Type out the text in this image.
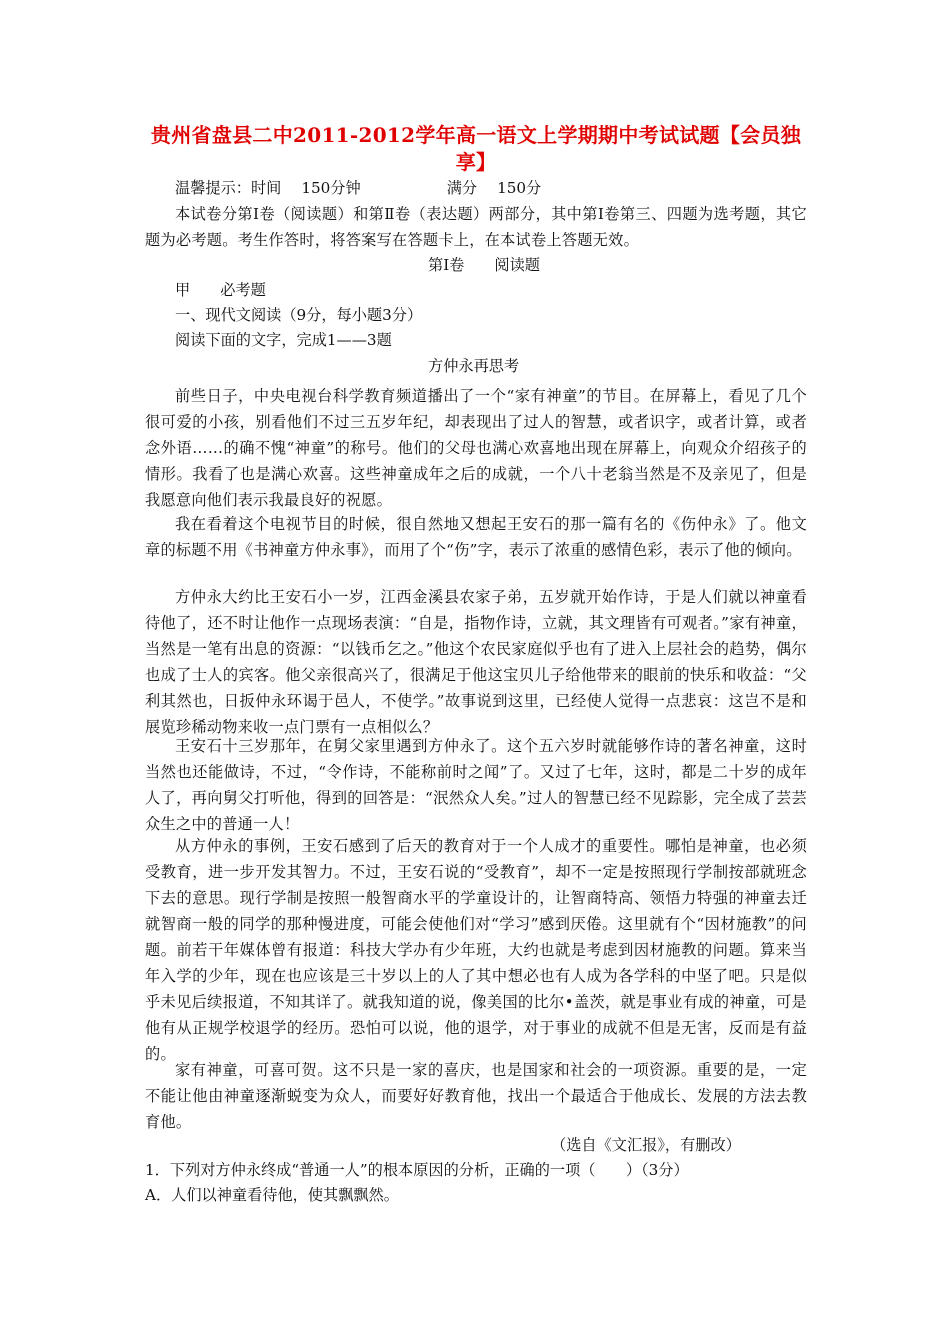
贵州省盘县二中2011-2012学年高一语文上学期期中考试试题【会员独享】
温馨提示：时间 150分钟	满分 150分
本试卷分第Ⅰ卷（阅读题）和第Ⅱ卷（表达题）两部分，其中第Ⅰ卷第三、四题为选考题，其它题为必考题。考生作答时，将答案写在答题卡上，在本试卷上答题无效。
第Ⅰ卷 阅读题
甲 必考题
一、现代文阅读（9分，每小题3分）
阅读下面的文字，完成1——3题
方仲永再思考
前些日子，中央电视台科学教育频道播出了一个“家有神童”的节目。在屏幕上，看见了几个很可爱的小孩，别看他们不过三五岁年纪，却表现出了过人的智慧，或者识字，或者计算，或者念外语……的确不愧“神童”的称号。他们的父母也满心欢喜地出现在屏幕上，向观众介绍孩子的情形。我看了也是满心欢喜。这些神童成年之后的成就，一个八十老翁当然是不及亲见了，但是我愿意向他们表示我最良好的祝愿。
我在看着这个电视节目的时候，很自然地又想起王安石的那一篇有名的《伤仲永》了。他文章的标题不用《书神童方仲永事》，而用了个“伤”字，表示了浓重的感情色彩，表示了他的倾向。
方仲永大约比王安石小一岁，江西金溪县农家子弟，五岁就开始作诗，于是人们就以神童看待他了，还不时让他作一点现场表演：“自是，指物作诗，立就，其文理皆有可观者。”家有神童，当然是一笔有出息的资源：“以钱币乞之。”他这个农民家庭似乎也有了进入上层社会的趋势，偶尔也成了士人的宾客。他父亲很高兴了，很满足于他这宝贝儿子给他带来的眼前的快乐和收益：“父利其然也，日扳仲永环谒于邑人，不使学。”故事说到这里，已经使人觉得一点悲哀：这岂不是和展览珍稀动物来收一点门票有一点相似么？
王安石十三岁那年，在舅父家里遇到方仲永了。这个五六岁时就能够作诗的著名神童，这时当然也还能做诗，不过，“令作诗，不能称前时之闻”了。又过了七年，这时，都是二十岁的成年人了，再向舅父打听他，得到的回答是：“泯然众人矣。”过人的智慧已经不见踪影，完全成了芸芸众生之中的普通一人！
从方仲永的事例，王安石感到了后天的教育对于一个人成才的重要性。哪怕是神童，也必须受教育，进一步开发其智力。不过，王安石说的“受教育”，却不一定是按照现行学制按部就班念下去的意思。现行学制是按照一般智商水平的学童设计的，让智商特高、领悟力特强的神童去迁就智商一般的同学的那种慢进度，可能会使他们对“学习”感到厌倦。这里就有个“因材施教”的问题。前若干年媒体曾有报道：科技大学办有少年班，大约也就是考虑到因材施教的问题。算来当年入学的少年，现在也应该是三十岁以上的人了其中想必也有人成为各学科的中坚了吧。只是似乎未见后续报道，不知其详了。就我知道的说，像美国的比尔•盖茨，就是事业有成的神童，可是他有从正规学校退学的经历。恐怕可以说，他的退学，对于事业的成就不但是无害，反而是有益的。
家有神童，可喜可贺。这不只是一家的喜庆，也是国家和社会的一项资源。重要的是，一定不能让他由神童逐渐蜕变为众人，而要好好教育他，找出一个最适合于他成长、发展的方法去教育他。
（选自《文汇报》，有删改）
1．下列对方仲永终成“普通一人”的根本原因的分析，正确的一项（　　）（3分）
A．人们以神童看待他，使其飘飘然。
